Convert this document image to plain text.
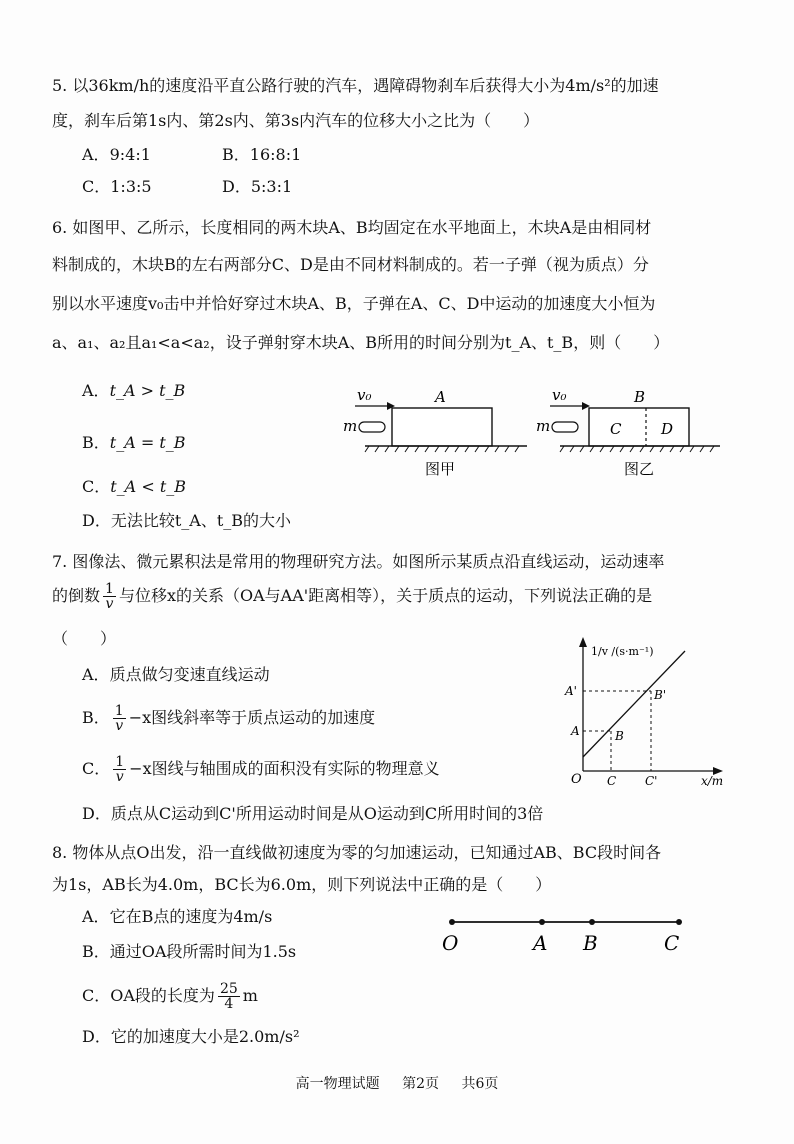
5. 以36km/h的速度沿平直公路行驶的汽车，遇障碍物刹车后获得大小为4m/s²的加速
度，刹车后第1s内、第2s内、第3s内汽车的位移大小之比为（　　）
A．9:4:1	B．16:8:1
C．1:3:5	D．5:3:1
6. 如图甲、乙所示，长度相同的两木块A、B均固定在水平地面上，木块A是由相同材
料制成的，木块B的左右两部分C、D是由不同材料制成的。若一子弹（视为质点）分
别以水平速度v₀击中并恰好穿过木块A、B，子弹在A、C、D中运动的加速度大小恒为
a、a₁、a₂且a₁<a<a₂，设子弹射穿木块A、B所用的时间分别为t_A、t_B，则（　　）
A．t_A > t_B
B．t_A = t_B
C．t_A < t_B
D．无法比较t_A、t_B的大小
v₀
m
A
图甲
v₀
m
B
C	D
图乙
7. 图像法、微元累积法是常用的物理研究方法。如图所示某质点沿直线运动，运动速率
的倒数 $\frac{1}{v}$ 与位移x的关系（OA与AA'距离相等），关于质点的运动，下列说法正确的是
（　　）
A．质点做匀变速直线运动
B． $\frac{1}{v} -x$图线斜率等于质点运动的加速度
C． $\frac{1}{v} -x$图线与轴围成的面积没有实际的物理意义
D．质点从C运动到C'所用运动时间是从O运动到C所用时间的3倍
1/v /(s·m⁻¹)
x/m
O
A
A'
B
B'
C C'
8. 物体从点O出发，沿一直线做初速度为零的匀加速运动，已知通过AB、BC段时间各
为1s，AB长为4.0m，BC长为6.0m，则下列说法中正确的是（　　）
A．它在B点的速度为4m/s
B．通过OA段所需时间为1.5s
C．OA段的长度为 $\frac{25}{4}$ m
D．它的加速度大小是2.0m/s²
O	A B	C
高一物理试题 第2页 共6页
